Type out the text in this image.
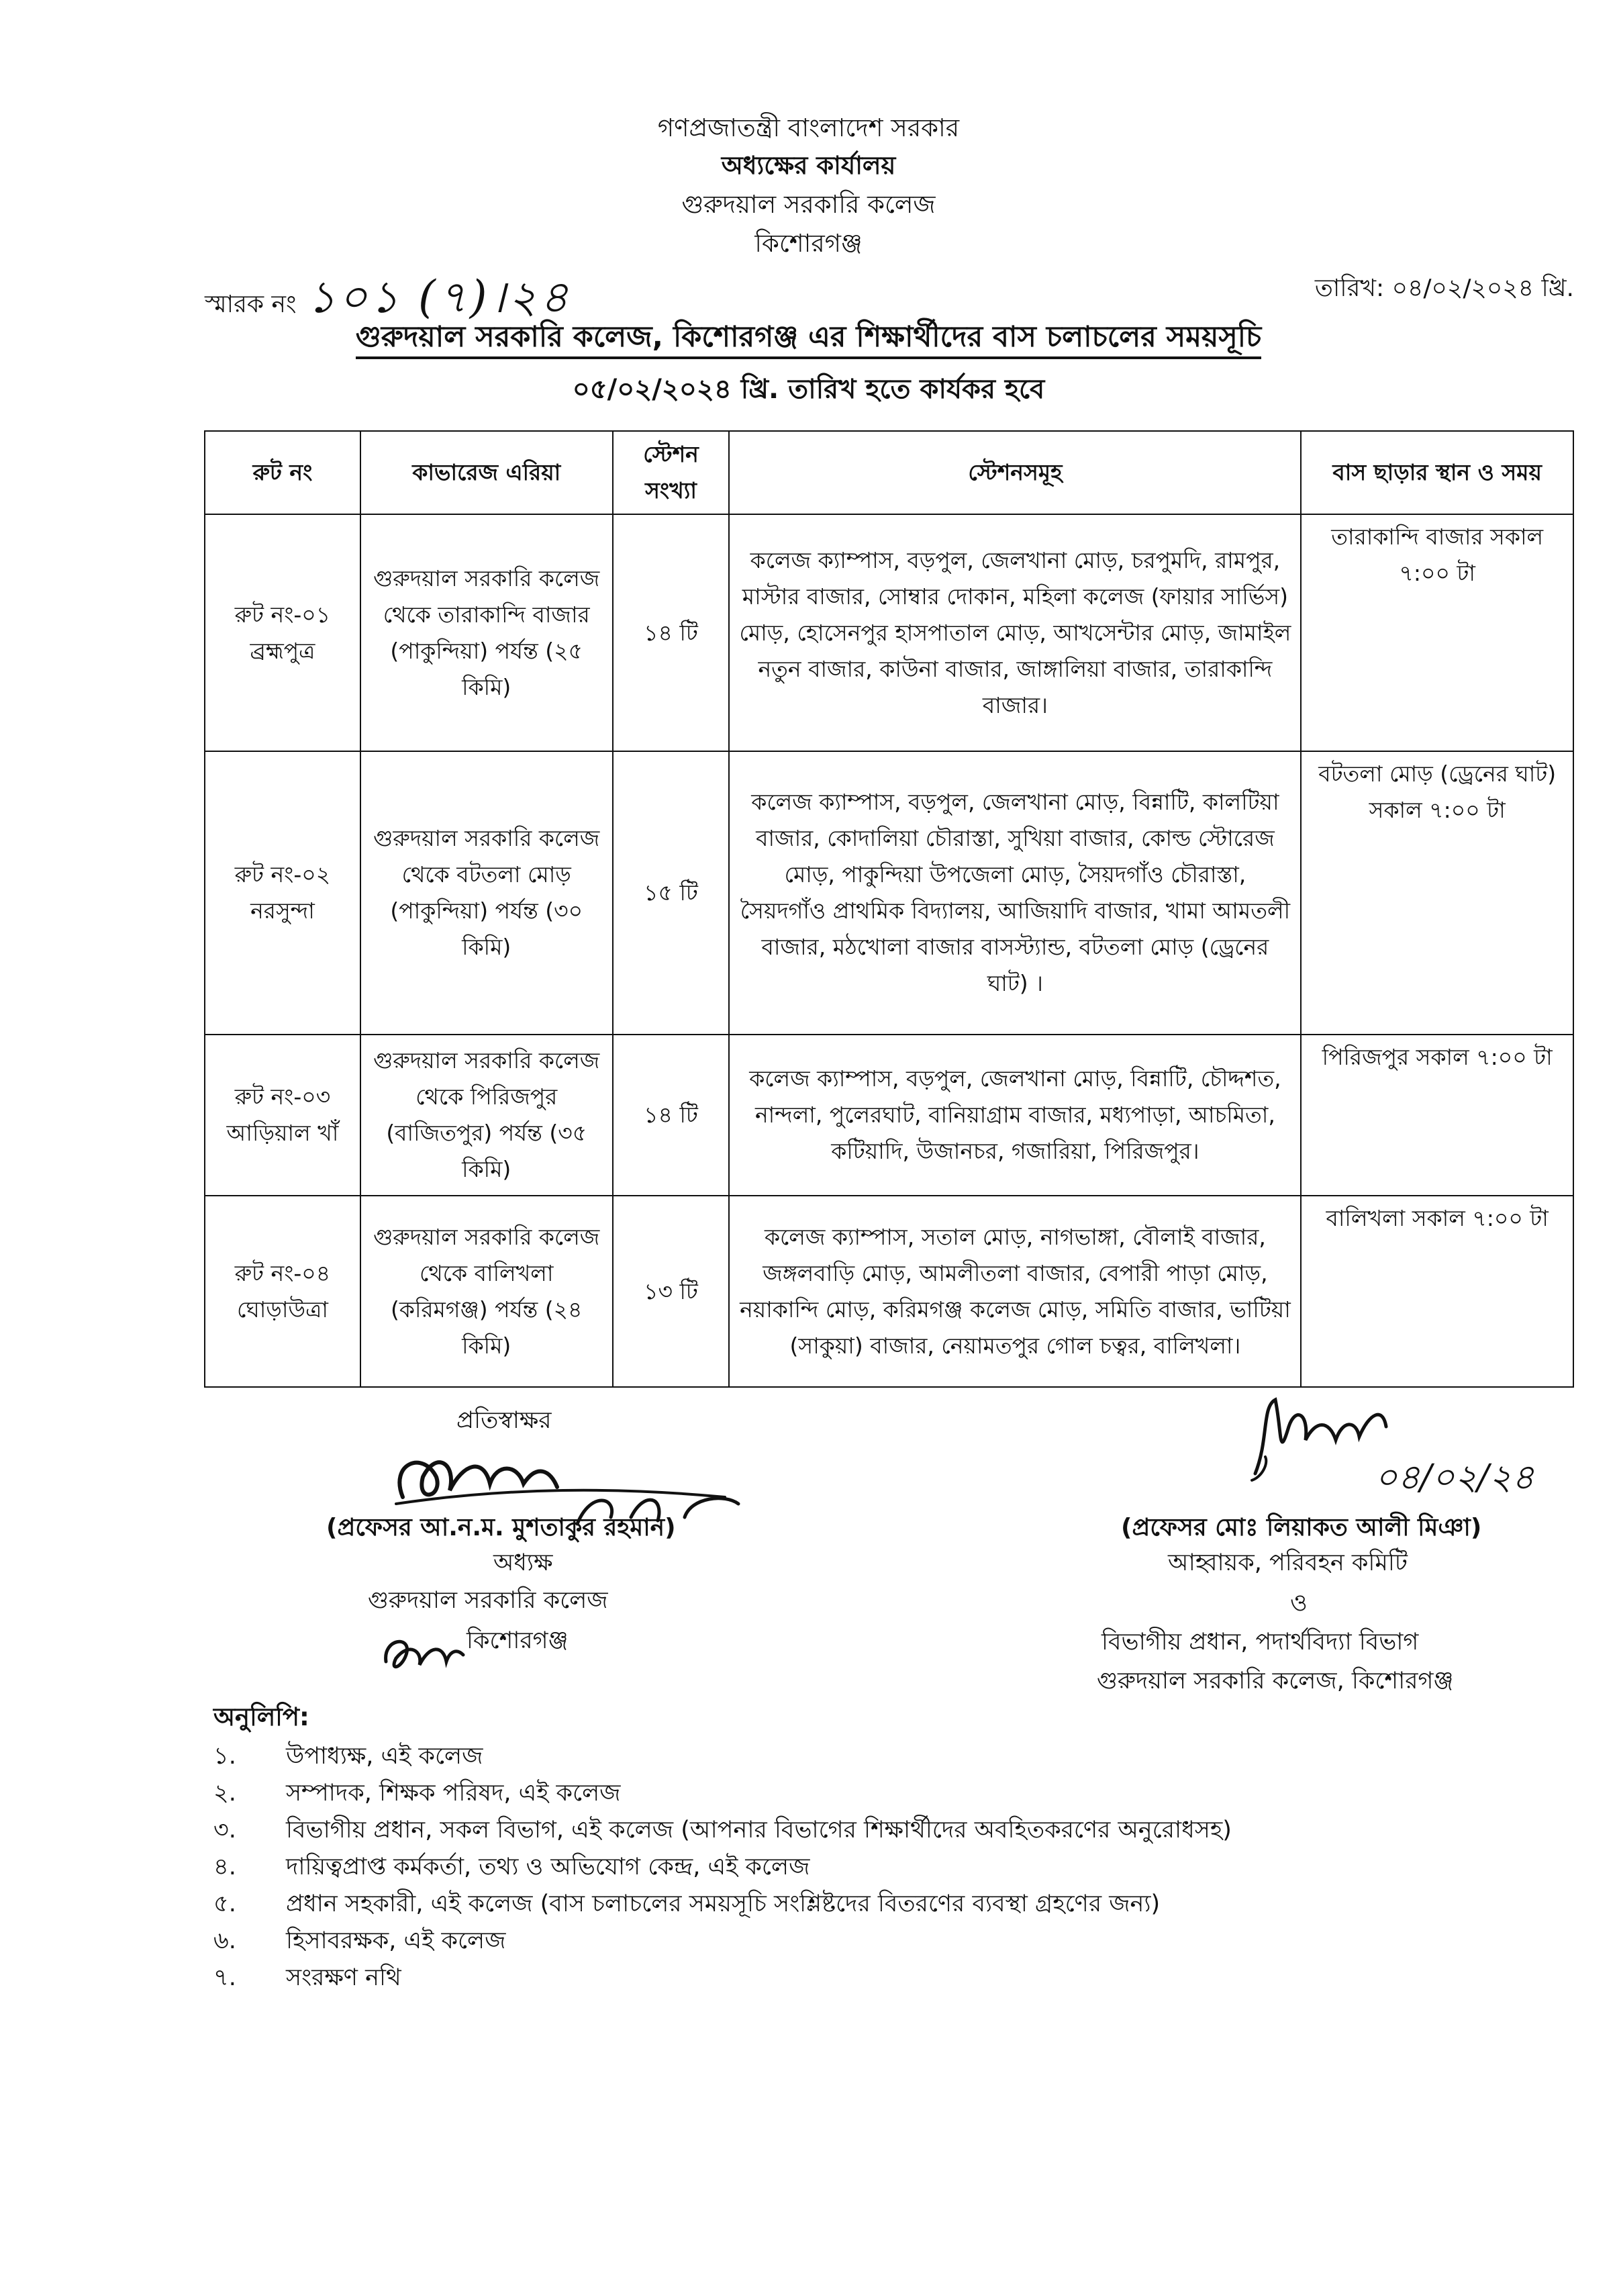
গণপ্রজাতন্ত্রী বাংলাদেশ সরকার
অধ্যক্ষের কার্যালয়
গুরুদয়াল সরকারি কলেজ
কিশোরগঞ্জ
স্মারক নং ১০১ (৭)।২৪	তারিখ: ০৪/০২/২০২৪ খ্রি.
গুরুদয়াল সরকারি কলেজ, কিশোরগঞ্জ এর শিক্ষার্থীদের বাস চলাচলের সময়সূচি
০৫/০২/২০২৪ খ্রি. তারিখ হতে কার্যকর হবে
রুট নং	কাভারেজ এরিয়া	স্টেশন সংখ্যা	স্টেশনসমূহ	বাস ছাড়ার স্থান ও সময়
রুট নং-০১ ব্রহ্মপুত্র	গুরুদয়াল সরকারি কলেজ থেকে তারাকান্দি বাজার (পাকুন্দিয়া) পর্যন্ত (২৫ কিমি)	১৪ টি	কলেজ ক্যাম্পাস, বড়পুল, জেলখানা মোড়, চরপুমদি, রামপুর, মাস্টার বাজার, সোম্বার দোকান, মহিলা কলেজ (ফায়ার সার্ভিস) মোড়, হোসেনপুর হাসপাতাল মোড়, আখসেন্টার মোড়, জামাইল নতুন বাজার, কাউনা বাজার, জাঙ্গালিয়া বাজার, তারাকান্দি বাজার।	তারাকান্দি বাজার সকাল ৭:০০ টা
রুট নং-০২ নরসুন্দা	গুরুদয়াল সরকারি কলেজ থেকে বটতলা মোড় (পাকুন্দিয়া) পর্যন্ত (৩০ কিমি)	১৫ টি	কলেজ ক্যাম্পাস, বড়পুল, জেলখানা মোড়, বিন্নাটি, কালটিয়া বাজার, কোদালিয়া চৌরাস্তা, সুখিয়া বাজার, কোল্ড স্টোরেজ মোড়, পাকুন্দিয়া উপজেলা মোড়, সৈয়দগাঁও চৌরাস্তা, সৈয়দগাঁও প্রাথমিক বিদ্যালয়, আজিয়াদি বাজার, খামা আমতলী বাজার, মঠখোলা বাজার বাসস্ট্যান্ড, বটতলা মোড় (ড্রেনের ঘাট) ।	বটতলা মোড় (ড্রেনের ঘাট) সকাল ৭:০০ টা
রুট নং-০৩ আড়িয়াল খাঁ	গুরুদয়াল সরকারি কলেজ থেকে পিরিজপুর (বাজিতপুর) পর্যন্ত (৩৫ কিমি)	১৪ টি	কলেজ ক্যাম্পাস, বড়পুল, জেলখানা মোড়, বিন্নাটি, চৌদ্দশত, নান্দলা, পুলেরঘাট, বানিয়াগ্রাম বাজার, মধ্যপাড়া, আচমিতা, কটিয়াদি, উজানচর, গজারিয়া, পিরিজপুর।	পিরিজপুর সকাল ৭:০০ টা
রুট নং-০৪ ঘোড়াউত্রা	গুরুদয়াল সরকারি কলেজ থেকে বালিখলা (করিমগঞ্জ) পর্যন্ত (২৪ কিমি)	১৩ টি	কলেজ ক্যাম্পাস, সতাল মোড়, নাগভাঙ্গা, বৌলাই বাজার, জঙ্গলবাড়ি মোড়, আমলীতলা বাজার, বেপারী পাড়া মোড়, নয়াকান্দি মোড়, করিমগঞ্জ কলেজ মোড়, সমিতি বাজার, ভাটিয়া (সাকুয়া) বাজার, নেয়ামতপুর গোল চত্বর, বালিখলা।	বালিখলা সকাল ৭:০০ টা
প্রতিস্বাক্ষর
(প্রফেসর আ.ন.ম. মুশতাকুর রহমান)
অধ্যক্ষ
গুরুদয়াল সরকারি কলেজ
কিশোরগঞ্জ
০৪/০২/২৪
(প্রফেসর মোঃ লিয়াকত আলী মিঞা)
আহ্বায়ক, পরিবহন কমিটি
ও
বিভাগীয় প্রধান, পদার্থবিদ্যা বিভাগ
গুরুদয়াল সরকারি কলেজ, কিশোরগঞ্জ
অনুলিপি:
১.	উপাধ্যক্ষ, এই কলেজ
২.	সম্পাদক, শিক্ষক পরিষদ, এই কলেজ
৩.	বিভাগীয় প্রধান, সকল বিভাগ, এই কলেজ (আপনার বিভাগের শিক্ষার্থীদের অবহিতকরণের অনুরোধসহ)
৪.	দায়িত্বপ্রাপ্ত কর্মকর্তা, তথ্য ও অভিযোগ কেন্দ্র, এই কলেজ
৫.	প্রধান সহকারী, এই কলেজ (বাস চলাচলের সময়সূচি সংশ্লিষ্টদের বিতরণের ব্যবস্থা গ্রহণের জন্য)
৬.	হিসাবরক্ষক, এই কলেজ
৭.	সংরক্ষণ নথি
